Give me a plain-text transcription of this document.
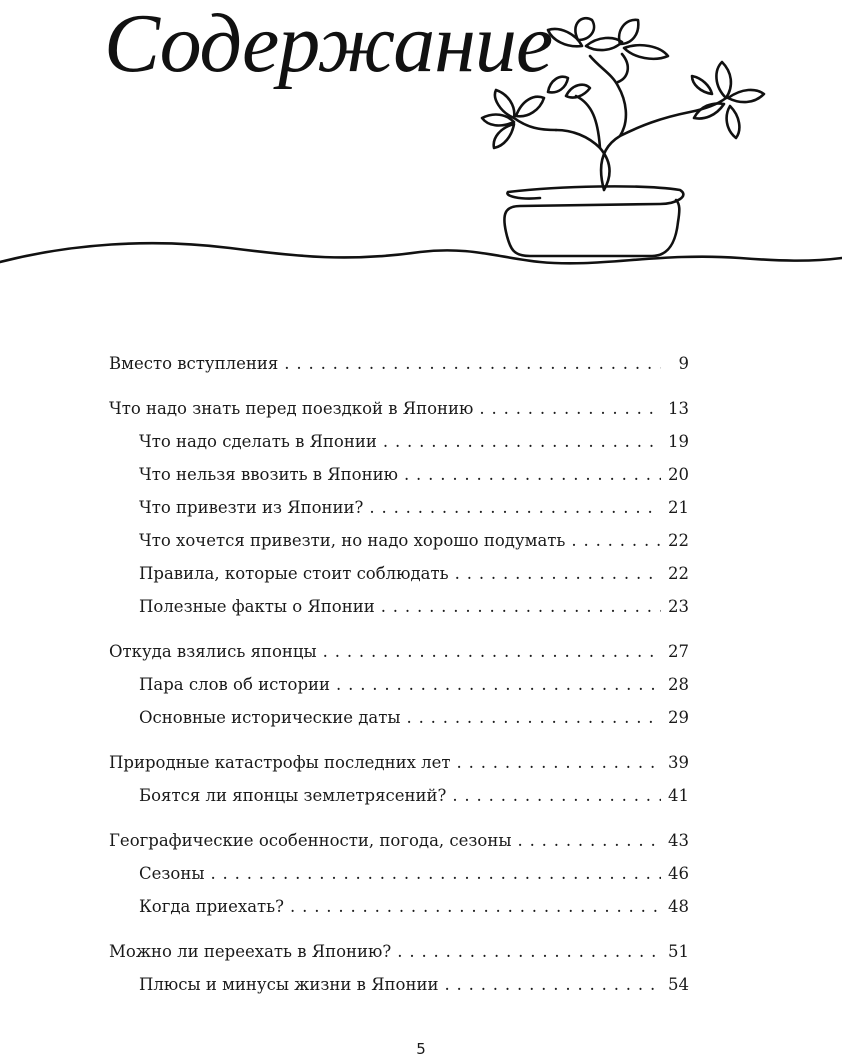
Содержание
Вместо вступления . . .	9
Что надо знать перед поездкой в Японию . . .	13
Что надо сделать в Японии . . .	19
Что нельзя ввозить в Японию . . .	20
Что привезти из Японии? . . .	21
Что хочется привезти, но надо хорошо подумать . . .	22
Правила, которые стоит соблюдать . . .	22
Полезные факты о Японии . . .	23
Откуда взялись японцы . . .	27
Пара слов об истории . . .	28
Основные исторические даты . . .	29
Природные катастрофы последних лет . . .	39
Боятся ли японцы землетрясений? . . .	41
Географические особенности, погода, сезоны . . .	43
Сезоны . . .	46
Когда приехать? . . .	48
Можно ли переехать в Японию? . . .	51
Плюсы и минусы жизни в Японии . . .	54
5
